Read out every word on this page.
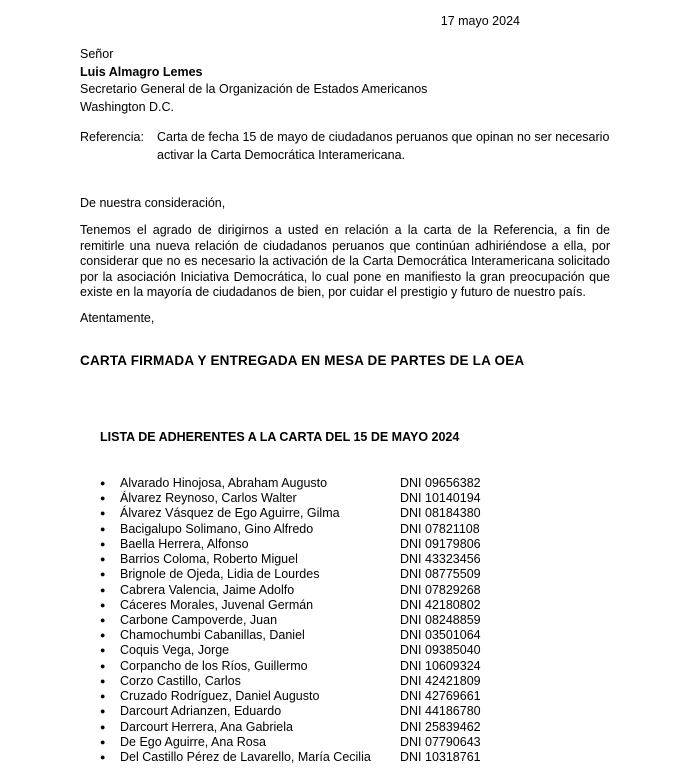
17 mayo 2024
Señor
Luis Almagro Lemes
Secretario General de la Organización de Estados Americanos
Washington D.C.
Referencia:	Carta de fecha 15 de mayo de ciudadanos peruanos que opinan no ser necesario activar la Carta Democrática Interamericana.
De nuestra consideración,

Tenemos el agrado de dirigirnos a usted en relación a la carta de la Referencia, a fin de remitirle una nueva relación de ciudadanos peruanos que continúan adhiriéndose a ella, por considerar que no es necesario la activación de la Carta Democrática Interamericana solicitado por la asociación Iniciativa Democrática, lo cual pone en manifiesto la gran preocupación que existe en la mayoría de ciudadanos de bien, por cuidar el prestigio y futuro de nuestro país.

Atentamente,
CARTA FIRMADA Y ENTREGADA EN MESA DE PARTES DE LA OEA
LISTA DE ADHERENTES A LA CARTA DEL 15 DE MAYO 2024
● Alvarado Hinojosa, Abraham Augusto	DNI 09656382
● Álvarez Reynoso, Carlos Walter	DNI 10140194
● Álvarez Vásquez de Ego Aguirre, Gilma	DNI 08184380
● Bacigalupo Solimano, Gino Alfredo	DNI 07821108
● Baella Herrera, Alfonso	DNI 09179806
● Barrios Coloma, Roberto Miguel	DNI 43323456
● Brignole de Ojeda, Lidia de Lourdes	DNI 08775509
● Cabrera Valencia, Jaime Adolfo	DNI 07829268
● Cáceres Morales, Juvenal Germán	DNI 42180802
● Carbone Campoverde, Juan	DNI 08248859
● Chamochumbi Cabanillas, Daniel	DNI 03501064
● Coquis Vega, Jorge	DNI 09385040
● Corpancho de los Ríos, Guillermo	DNI 10609324
● Corzo Castillo, Carlos	DNI 42421809
● Cruzado Rodríguez, Daniel Augusto	DNI 42769661
● Darcourt Adrianzen, Eduardo	DNI 44186780
● Darcourt Herrera, Ana Gabriela	DNI 25839462
● De Ego Aguirre, Ana Rosa	DNI 07790643
● Del Castillo Pérez de Lavarello, María Cecilia DNI 10318761
